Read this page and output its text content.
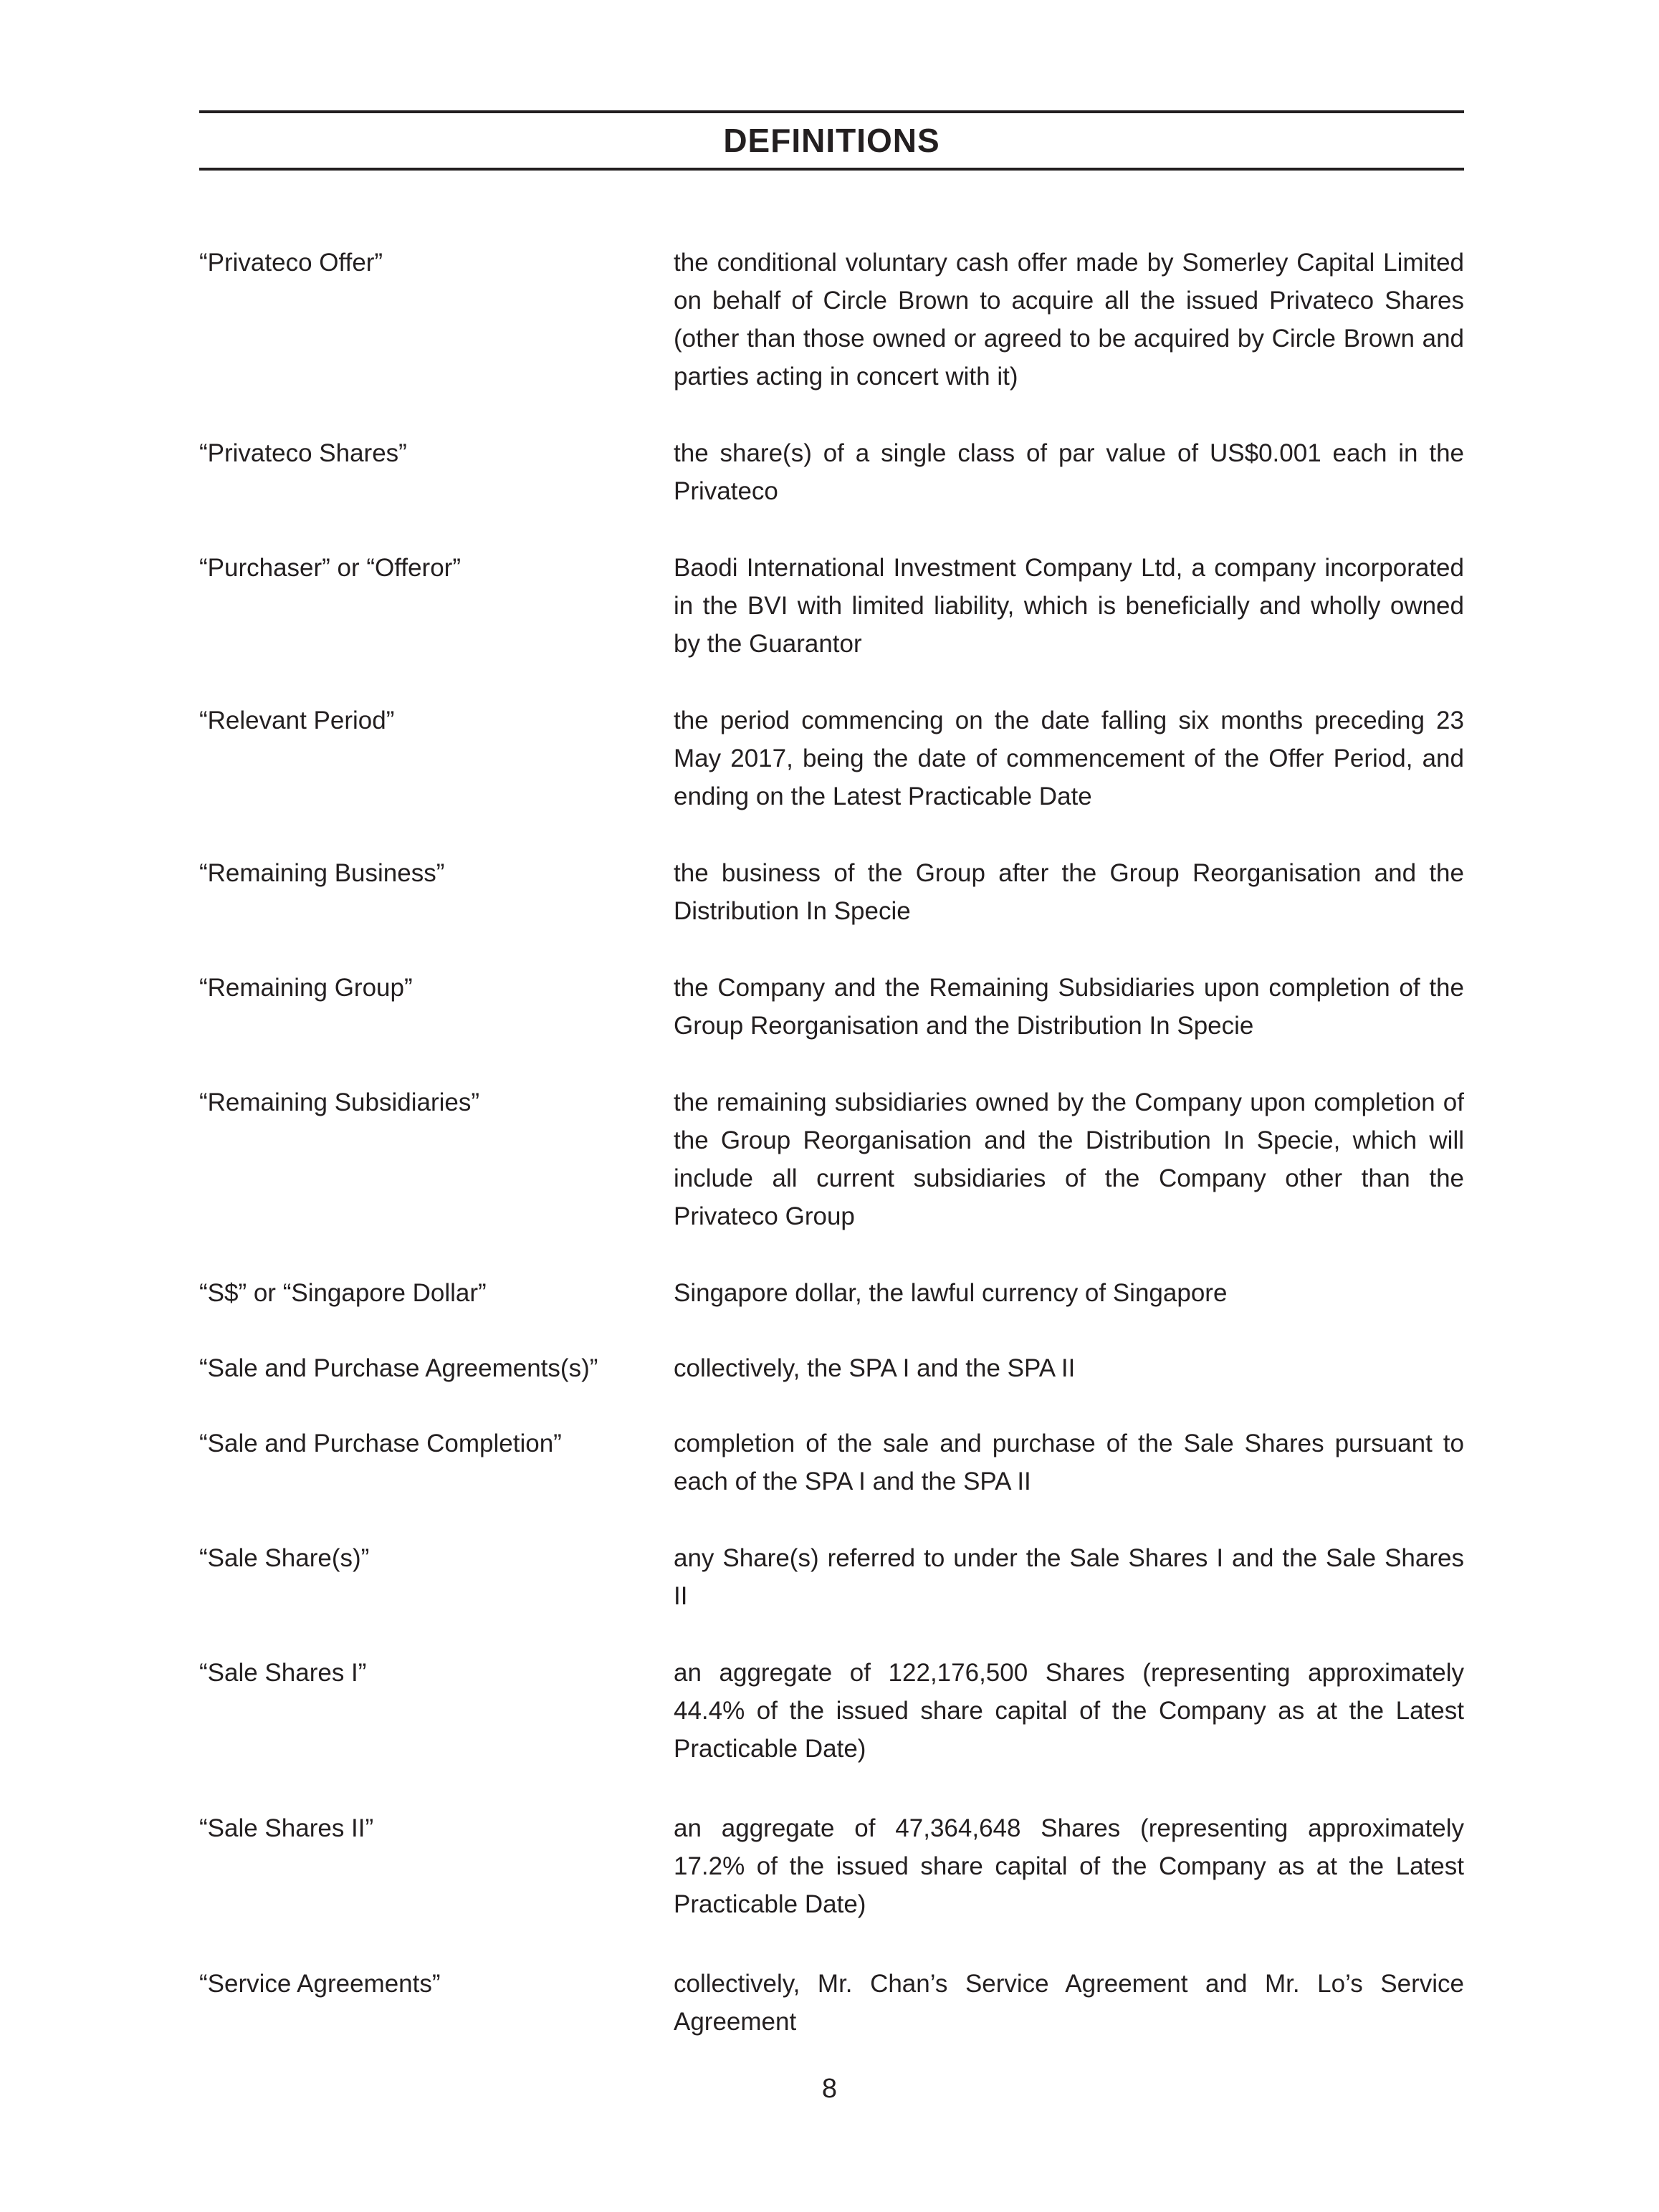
DEFINITIONS
“Privateco Offer”	the conditional voluntary cash offer made by Somerley Capital Limited on behalf of Circle Brown to acquire all the issued Privateco Shares (other than those owned or agreed to be acquired by Circle Brown and parties acting in concert with it)
“Privateco Shares”	the share(s) of a single class of par value of US$0.001 each in the Privateco
“Purchaser” or “Offeror”	Baodi International Investment Company Ltd, a company incorporated in the BVI with limited liability, which is beneficially and wholly owned by the Guarantor
“Relevant Period”	the period commencing on the date falling six months preceding 23 May 2017, being the date of commencement of the Offer Period, and ending on the Latest Practicable Date
“Remaining Business”	the business of the Group after the Group Reorganisation and the Distribution In Specie
“Remaining Group”	the Company and the Remaining Subsidiaries upon completion of the Group Reorganisation and the Distribution In Specie
“Remaining Subsidiaries”	the remaining subsidiaries owned by the Company upon completion of the Group Reorganisation and the Distribution In Specie, which will include all current subsidiaries of the Company other than the Privateco Group
“S$” or “Singapore Dollar”	Singapore dollar, the lawful currency of Singapore
“Sale and Purchase Agreements(s)”	collectively, the SPA I and the SPA II
“Sale and Purchase Completion”	completion of the sale and purchase of the Sale Shares pursuant to each of the SPA I and the SPA II
“Sale Share(s)”	any Share(s) referred to under the Sale Shares I and the Sale Shares II
“Sale Shares I”	an aggregate of 122,176,500 Shares (representing approximately 44.4% of the issued share capital of the Company as at the Latest Practicable Date)
“Sale Shares II”	an aggregate of 47,364,648 Shares (representing approximately 17.2% of the issued share capital of the Company as at the Latest Practicable Date)
“Service Agreements”	collectively, Mr. Chan’s Service Agreement and Mr. Lo’s Service Agreement
8
